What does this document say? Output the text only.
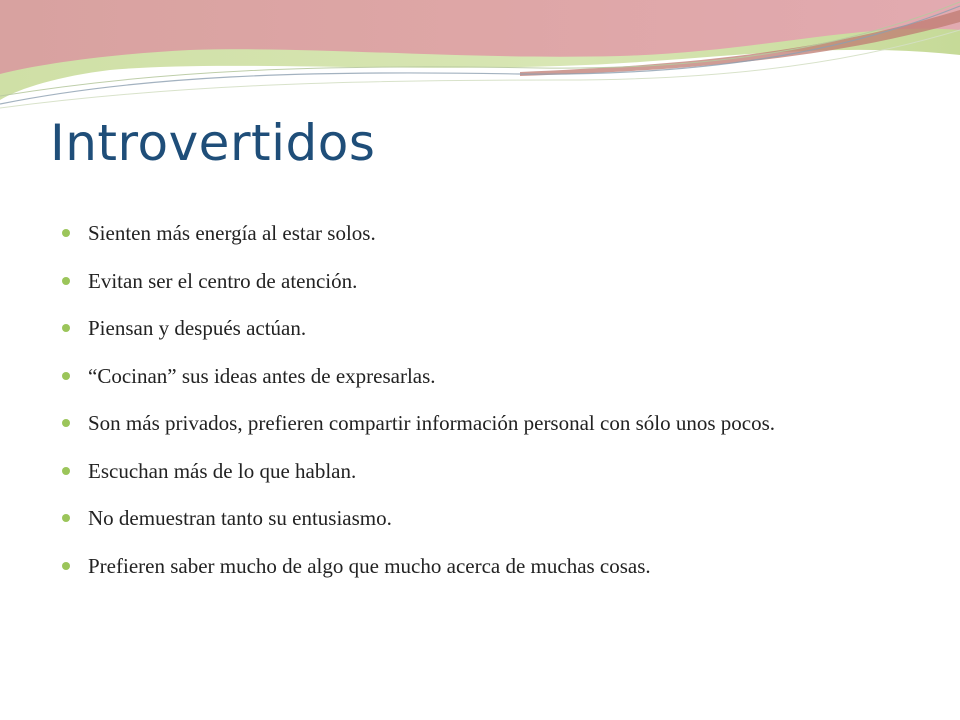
Introvertidos
Sienten más energía al estar solos.
Evitan ser el centro de atención.
Piensan y después actúan.
“Cocinan” sus ideas antes de expresarlas.
Son más privados, prefieren compartir información personal con sólo unos pocos.
Escuchan más de lo que hablan.
No demuestran tanto su entusiasmo.
Prefieren saber mucho de algo que mucho acerca de muchas cosas.
